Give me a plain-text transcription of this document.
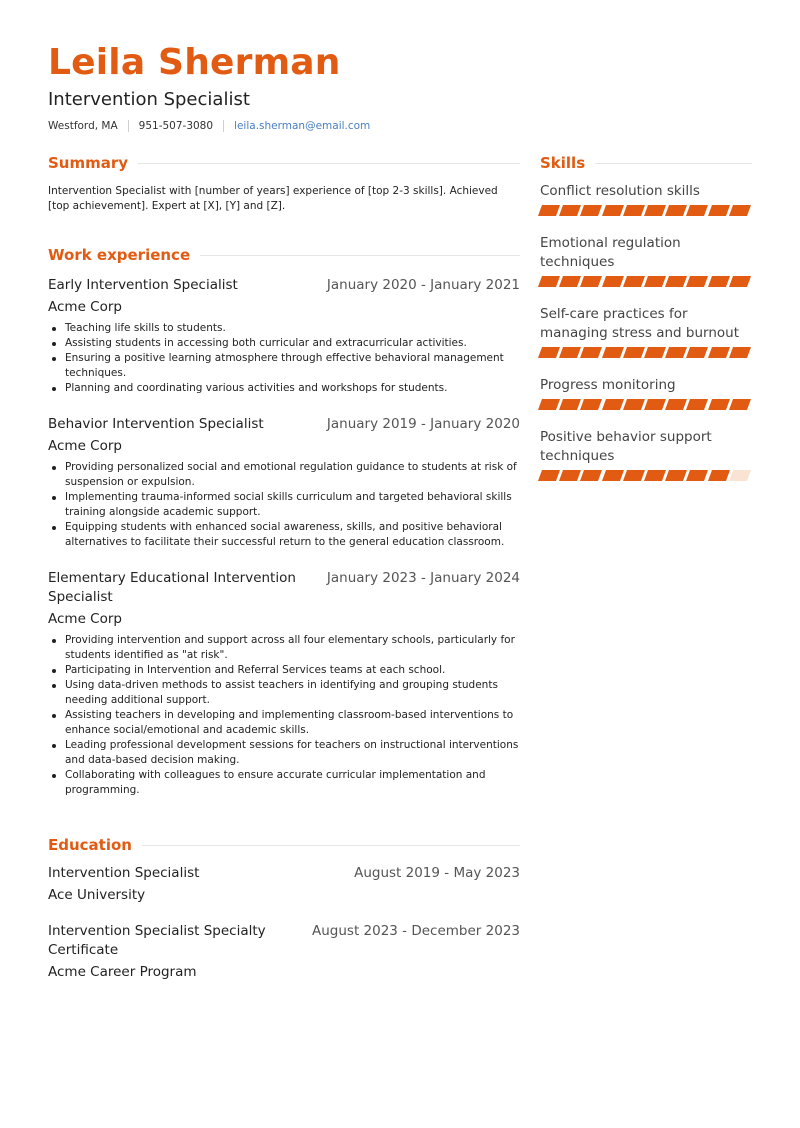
Leila Sherman
Intervention Specialist
Westford, MA 951-507-3080 leila.sherman@email.com
Summary

Intervention Specialist with [number of years] experience of [top 2-3 skills]. Achieved [top achievement]. Expert at [X], [Y] and [Z].

Work experience
Early Intervention Specialist	January 2020 - January 2021
Acme Corp
Teaching life skills to students.
Assisting students in accessing both curricular and extracurricular activities.
Ensuring a positive learning atmosphere through effective behavioral management techniques.
Planning and coordinating various activities and workshops for students.
Behavior Intervention Specialist	January 2019 - January 2020
Acme Corp
Providing personalized social and emotional regulation guidance to students at risk of suspension or expulsion.
Implementing trauma-informed social skills curriculum and targeted behavioral skills training alongside academic support.
Equipping students with enhanced social awareness, skills, and positive behavioral alternatives to facilitate their successful return to the general education classroom.
Elementary Educational Intervention Specialist
January 2023 - January 2024
Acme Corp
Providing intervention and support across all four elementary schools, particularly for students identified as "at risk".
Participating in Intervention and Referral Services teams at each school.
Using data-driven methods to assist teachers in identifying and grouping students needing additional support.
Assisting teachers in developing and implementing classroom-based interventions to enhance social/emotional and academic skills.
Leading professional development sessions for teachers on instructional interventions and data-based decision making.
Collaborating with colleagues to ensure accurate curricular implementation and programming.
Education
Intervention Specialist	August 2019 - May 2023
Ace University
Intervention Specialist Specialty Certificate
August 2023 - December 2023
Acme Career Program
Skills
Conflict resolution skills
Emotional regulation techniques
Self-care practices for managing stress and burnout
Progress monitoring
Positive behavior support techniques
